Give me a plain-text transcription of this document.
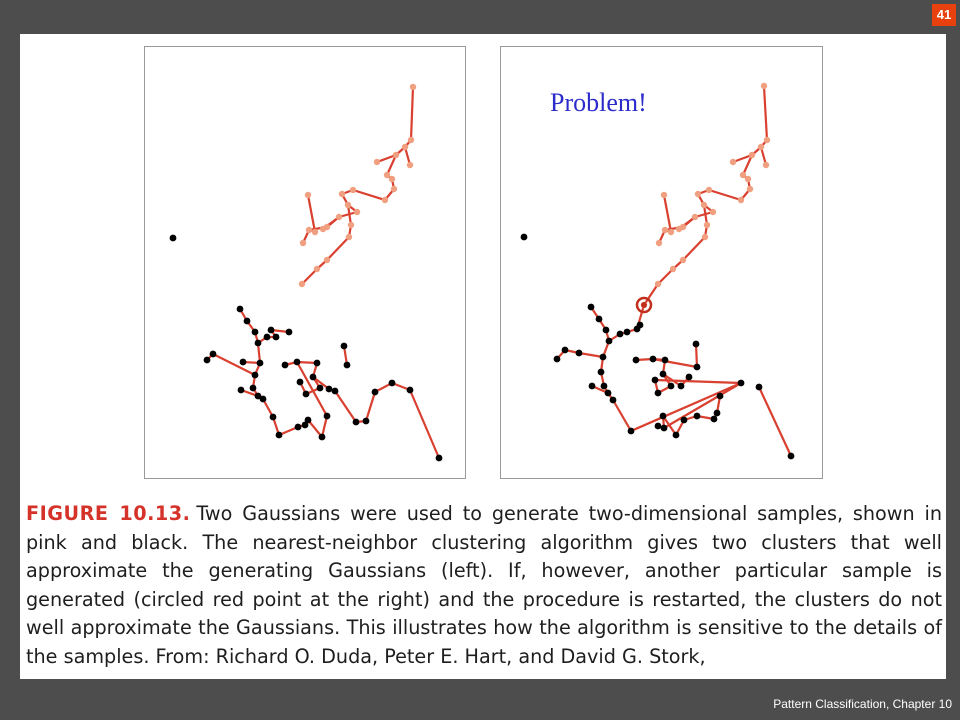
Problem!
FIGURE 10.13. Two Gaussians were used to generate two-dimensional samples, shown in pink and black. The nearest-neighbor clustering algorithm gives two clusters that well approximate the generating Gaussians (left). If, however, another particular sample is generated (circled red point at the right) and the procedure is restarted, the clusters do not well approximate the Gaussians. This illustrates how the algorithm is sensitive to the details of the samples. From: Richard O. Duda, Peter E. Hart, and David G. Stork,
41
Pattern Classification, Chapter 10
